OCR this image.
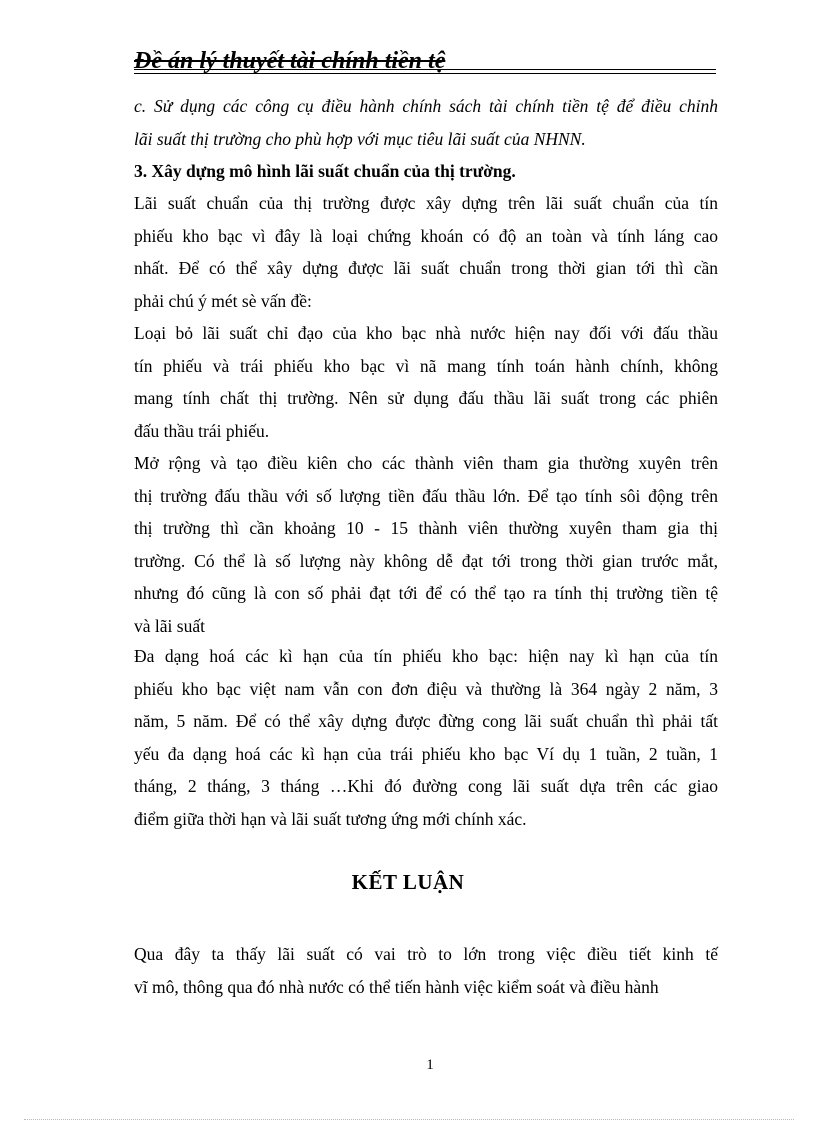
Đề án lý thuyết tài chính tiền tệ
c. Sử dụng các công cụ điều hành chính sách tài chính tiền tệ để điều chỉnh
lãi suất thị trường cho phù hợp với mục tiêu lãi suất của NHNN.
3. Xây dựng mô hình lãi suất chuẩn của thị trường.
Lãi suất chuẩn của thị trường được xây dựng trên lãi suất chuẩn của tín
phiếu kho bạc vì đây là loại chứng khoán có độ an toàn và tính láng cao
nhất. Để có thể xây dựng được lãi suất chuẩn trong thời gian tới thì cần
phải chú ý mét sè vấn đề:
Loại bỏ lãi suất chỉ đạo của kho bạc nhà nước hiện nay đối với đấu thầu
tín phiếu và trái phiếu kho bạc vì nã mang tính toán hành chính, không
mang tính chất thị trường. Nên sử dụng đấu thầu lãi suất trong các phiên
đấu thầu trái phiếu.
Mở rộng và tạo điều kiên cho các thành viên tham gia thường xuyên trên
thị trường đấu thầu với số lượng tiền đấu thầu lớn. Để tạo tính sôi động trên
thị trường thì cần khoảng 10 - 15 thành viên thường xuyên tham gia thị
trường. Có thể là số lượng này không dễ đạt tới trong thời gian trước mắt,
nhưng đó cũng là con số phải đạt tới để có thể tạo ra tính thị trường tiền tệ
và lãi suất
Đa dạng hoá các kì hạn của tín phiếu kho bạc: hiện nay kì hạn của tín
phiếu kho bạc việt nam vẫn con đơn điệu và thường là 364 ngày 2 năm, 3
năm, 5 năm. Để có thể xây dựng được đừng cong lãi suất chuẩn thì phải tất
yếu đa dạng hoá các kì hạn của trái phiếu kho bạc Ví dụ 1 tuần, 2 tuần, 1
tháng, 2 tháng, 3 tháng …Khi đó đường cong lãi suất dựa trên các giao
điểm giữa thời hạn và lãi suất tương ứng mới chính xác.
KẾT LUẬN
Qua đây ta thấy lãi suất có vai trò to lớn trong việc điều tiết kinh tế
vĩ mô, thông qua đó nhà nước có thể tiến hành việc kiểm soát và điều hành
1
